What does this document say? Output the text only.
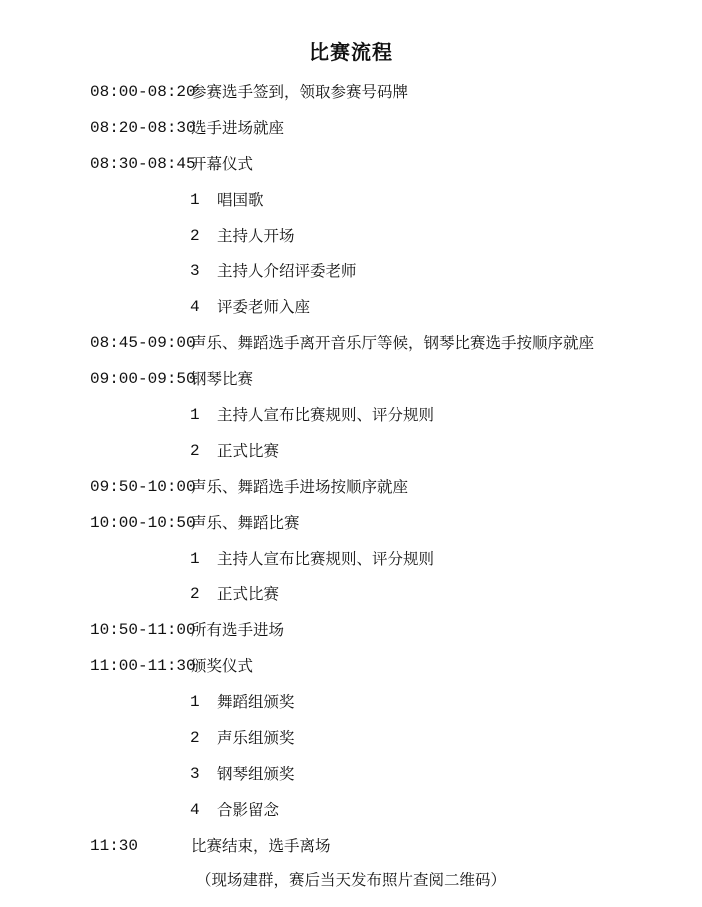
比赛流程
08:00-08:20
参赛选手签到，领取参赛号码牌
08:20-08:30
选手进场就座
08:30-08:45
开幕仪式
1 唱国歌
2 主持人开场
3 主持人介绍评委老师
4 评委老师入座
08:45-09:00
声乐、舞蹈选手离开音乐厅等候，钢琴比赛选手按顺序就座
09:00-09:50
钢琴比赛
1 主持人宣布比赛规则、评分规则
2 正式比赛
09:50-10:00
声乐、舞蹈选手进场按顺序就座
10:00-10:50
声乐、舞蹈比赛
1 主持人宣布比赛规则、评分规则
2 正式比赛
10:50-11:00
所有选手进场
11:00-11:30
颁奖仪式
1 舞蹈组颁奖
2 声乐组颁奖
3 钢琴组颁奖
4 合影留念
11:30	比赛结束，选手离场
（现场建群，赛后当天发布照片查阅二维码）
